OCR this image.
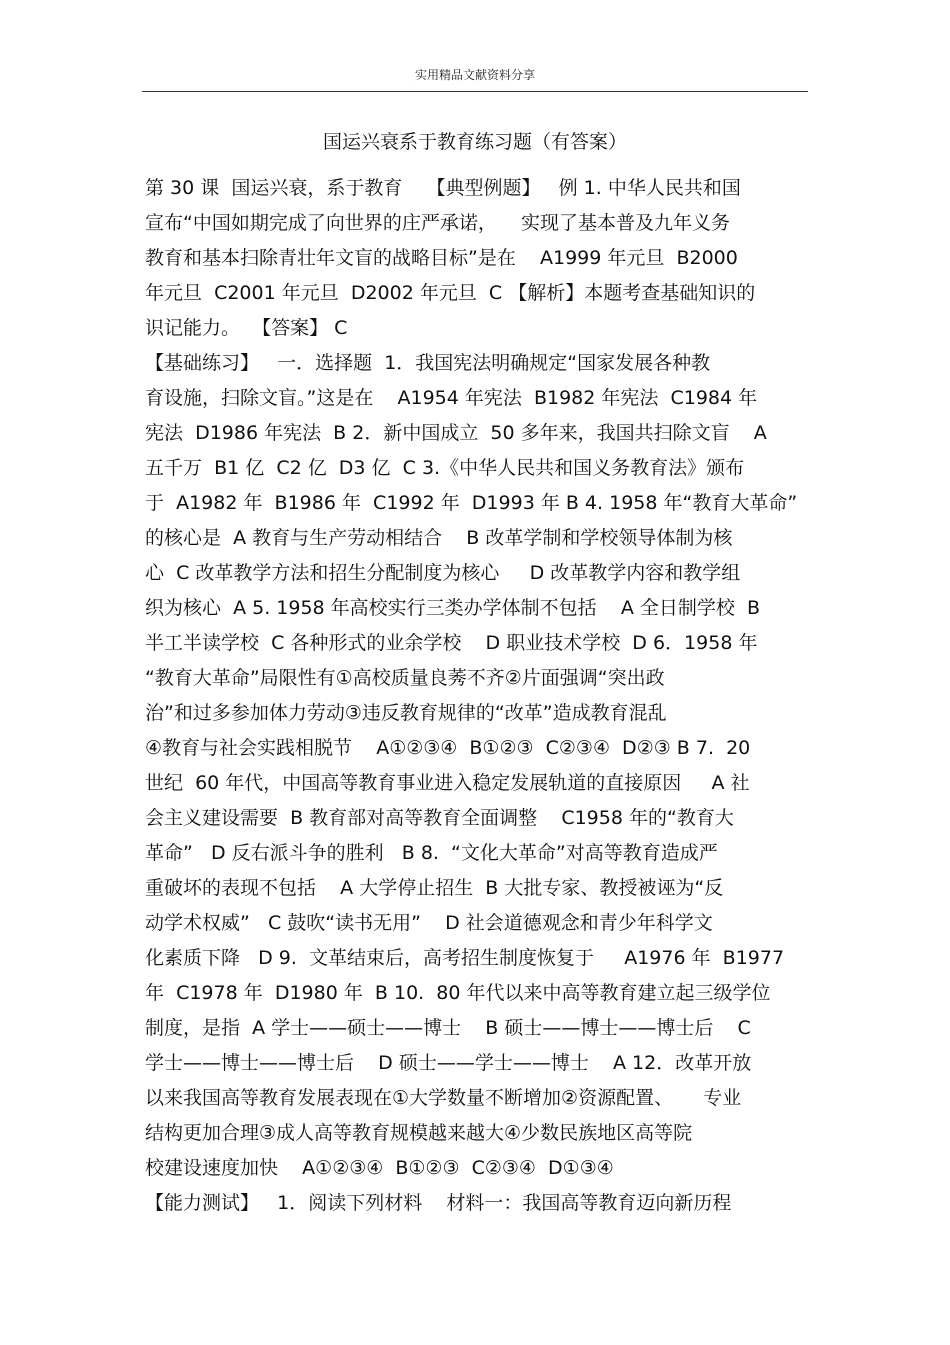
实用精品文献资料分享
国运兴衰系于教育练习题（有答案）
第 30 课  国运兴衰，系于教育    【典型例题】   例 1. 中华人民共和国
宣布“中国如期完成了向世界的庄严承诺，    实现了基本普及九年义务
教育和基本扫除青壮年文盲的战略目标”是在    A1999 年元旦  B2000
年元旦  C2001 年元旦  D2002 年元旦  C 【解析】本题考查基础知识的
识记能力。  【答案】 C
【基础练习】   一．选择题  1．我国宪法明确规定“国家发展各种教
育设施，扫除文盲。”这是在    A1954 年宪法  B1982 年宪法  C1984 年
宪法  D1986 年宪法  B 2．新中国成立  50 多年来，我国共扫除文盲    A
五千万  B1 亿  C2 亿  D3 亿  C 3.《中华人民共和国义务教育法》颁布
于  A1982 年  B1986 年  C1992 年  D1993 年 B 4. 1958 年“教育大革命”
的核心是  A 教育与生产劳动相结合    B 改革学制和学校领导体制为核
心  C 改革教学方法和招生分配制度为核心     D 改革教学内容和教学组
织为核心  A 5. 1958 年高校实行三类办学体制不包括    A 全日制学校  B
半工半读学校  C 各种形式的业余学校    D 职业技术学校  D 6．1958 年
“教育大革命”局限性有①高校质量良莠不齐②片面强调“突出政
治”和过多参加体力劳动③违反教育规律的“改革”造成教育混乱
④教育与社会实践相脱节    A①②③④  B①②③  C②③④  D②③ B 7.  20
世纪  60 年代，中国高等教育事业进入稳定发展轨道的直接原因     A 社
会主义建设需要  B 教育部对高等教育全面调整    C1958 年的“教育大
革命”   D 反右派斗争的胜利   B 8.  “文化大革命”对高等教育造成严
重破坏的表现不包括    A 大学停止招生  B 大批专家、教授被诬为“反
动学术权威”   C 鼓吹“读书无用”    D 社会道德观念和青少年科学文
化素质下降   D 9.  文革结束后，高考招生制度恢复于     A1976 年  B1977
年  C1978 年  D1980 年  B 10.  80 年代以来中高等教育建立起三级学位
制度，是指  A 学士——硕士——博士    B 硕士——博士——博士后    C
学士——博士——博士后    D 硕士——学士——博士    A 12．改革开放
以来我国高等教育发展表现在①大学数量不断增加②资源配置、     专业
结构更加合理③成人高等教育规模越来越大④少数民族地区高等院
校建设速度加快    A①②③④  B①②③  C②③④  D①③④
【能力测试】   1．阅读下列材料    材料一：我国高等教育迈向新历程
